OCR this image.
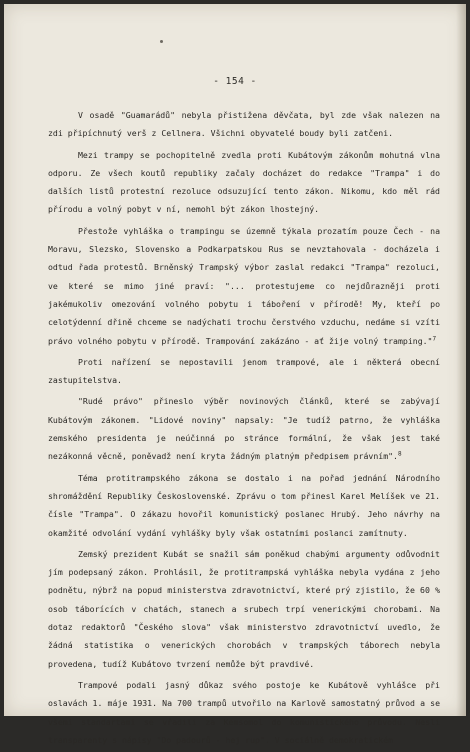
- 154 -

V osadě "Guamarádů" nebyla přistižena děvčata, byl zde však nalezen na zdi připíchnutý verš z Cellnera. Všichni obyvatelé boudy byli zatčeni.

Mezi trampy se pochopitelně zvedla proti Kubátovým zákonům mohutná vlna odporu. Ze všech koutů republiky začaly docházet do redakce "Trampa" i do dalších listů protestní rezoluce odsuzující tento zákon. Nikomu, kdo měl rád přírodu a volný pobyt v ní, nemohl být zákon lhostejný.

Přestože vyhláška o trampingu se územně týkala prozatím pouze Čech - na Moravu, Slezsko, Slovensko a Podkarpatskou Rus se nevztahovala - docházela i odtud řada protestů. Brněnský Trampský výbor zaslal redakci "Trampa" rezoluci, ve které se mimo jiné praví: "... protestujeme co nejdůrazněji proti jakémukoliv omezování volného pobytu i táboření v přírodě! My, kteří po celotýdenní dřině chceme se nadýchati trochu čerstvého vzduchu, nedáme si vzíti právo volného pobytu v přírodě. Trampování zakázáno - ať žije volný tramping."$^7$

Proti nařízení se nepostavili jenom trampové, ale i některá obecní zastupitelstva.

"Rudé právo" přineslo výběr novinových článků, které se zabývají Kubátovým zákonem. "Lidové noviny" napsaly: "Je tudíž patrno, že vyhláška zemského presidenta je neúčinná po stránce formální, že však jest také nezákonná věcně, poněvadž není kryta žádným platným předpisem právním".$^8$

Téma protitrampského zákona se dostalo i na pořad jednání Národního shromáždění Republiky Československé. Zprávu o tom přinesl Karel Melíšek ve 21. čísle "Trampa". O zákazu hovořil komunistický poslanec Hrubý. Jeho návrhy na okamžité odvolání vydání vyhlášky byly však ostatními poslanci zamítnuty.

Zemský prezident Kubát se snažil sám poněkud chabými argumenty odůvodnit jím podepsaný zákon. Prohlásil, že protitrampská vyhláška nebyla vydána z jeho podnětu, nýbrž na popud ministerstva zdravotnictví, které prý zjistilo, že 60 % osob táborících v chatách, stanech a srubech trpí venerickými chorobami. Na dotaz redaktorů "Českého slova" však ministerstvo zdravotnictví uvedlo, že žádná statistika o venerických chorobách v trampských táborech nebyla provedena, tudíž Kubátovo tvrzení nemůže být pravdivé.

Trampové podali jasný důkaz svého postoje ke Kubátově vyhlášce při oslavách 1. máje 1931. Na 700 trampů utvořilo na Karlově samostatný průvod a se všemi standartami se vřadili za Kemsomol do komunistického průvodu. Nesli transparenty s nápisy "Do padourů - hej rup". V sociálně demokratickém
